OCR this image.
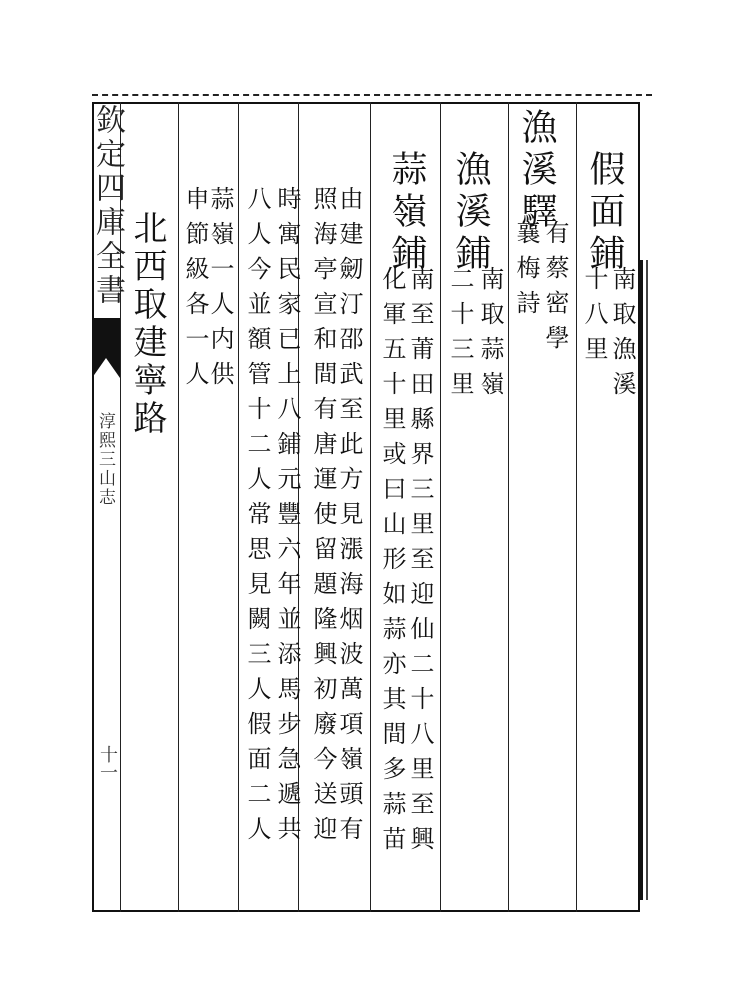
欽定四庫全書
淳熙三山志
十一
北西取建寧路 蒜嶺一人内供
申節級各一人	由建劒汀邵武至此方見漲海烟波萬項嶺頭有
照海亭宣和間有唐運使留題隆興初廢今送迎
時寓民家已上八鋪元豐六年並添馬步急遞共
八人今並額管十二人常思見闕三人假面二人	蒜嶺鋪
南至莆田縣界三里至迎仙二十八里至興
化軍五十里或曰山形如蒜亦其間多蒜苗
漁溪鋪
南取蒜嶺
二十三里
漁溪驛
有蔡密學
襄梅詩 假面鋪
南取漁溪
十八里
